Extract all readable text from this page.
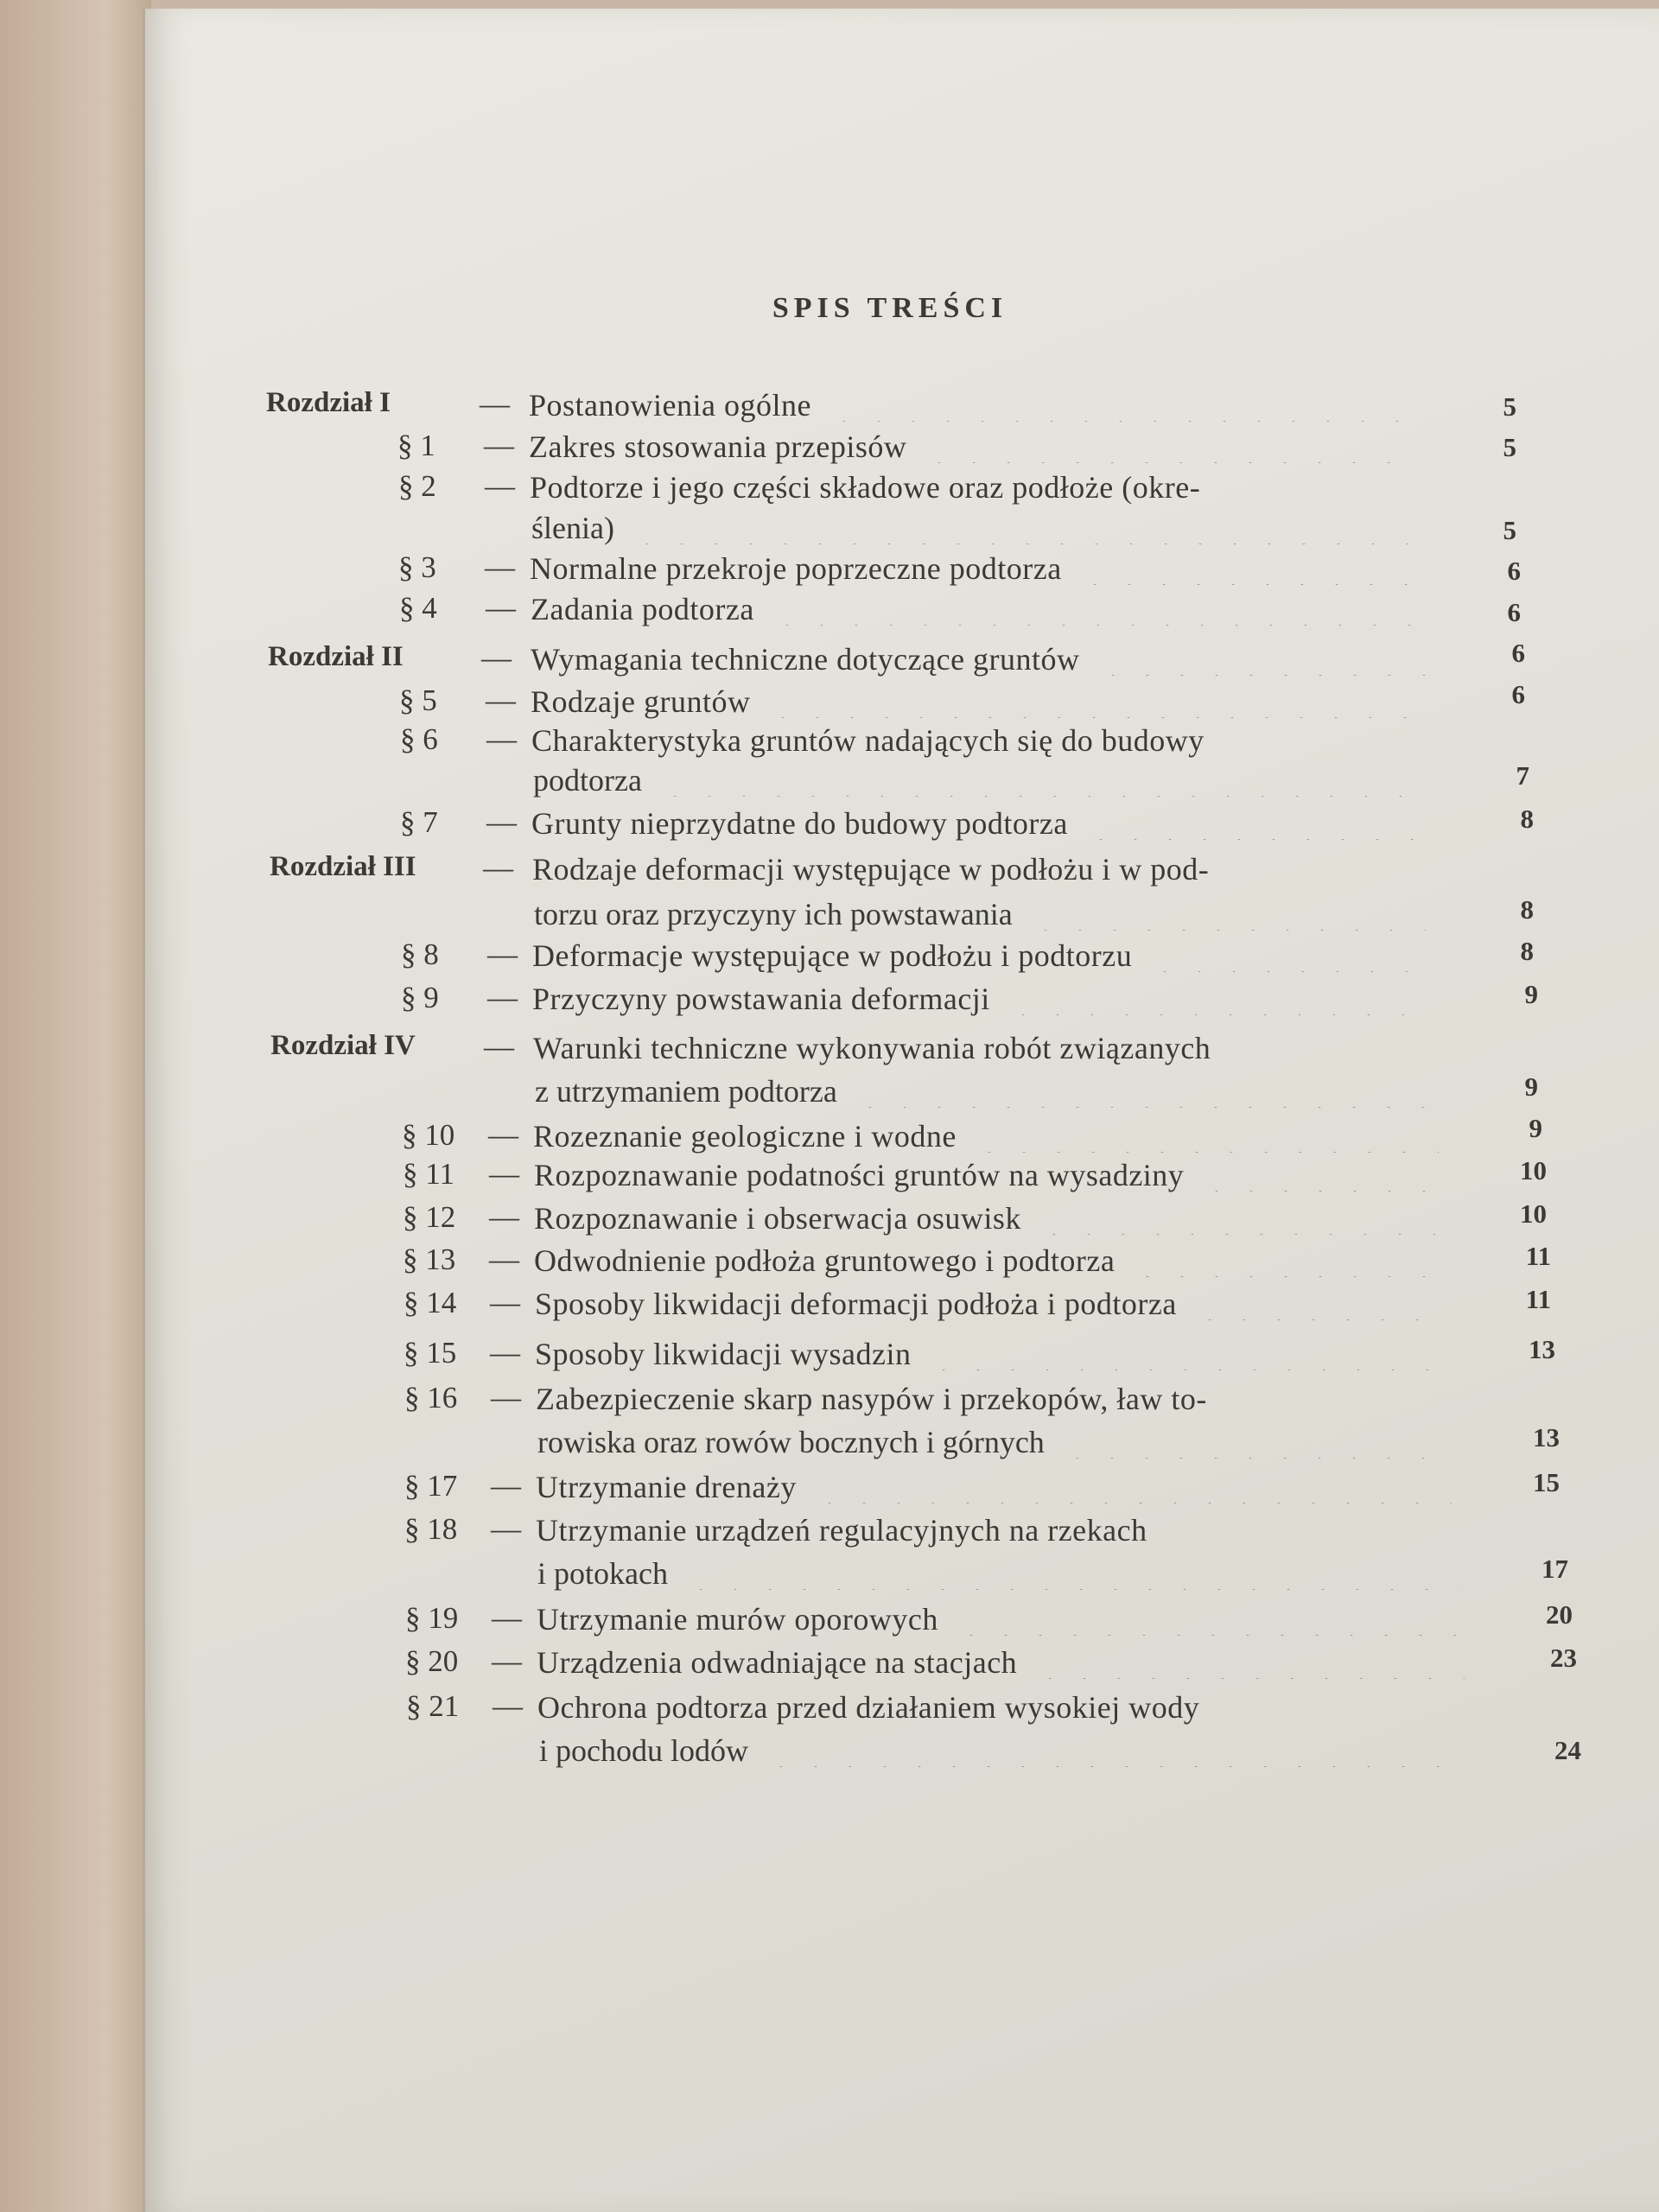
SPIS TREŚCI
Rozdział I	— Postanowienia ogólne	5
§ 1 — Zakres stosowania przepisów	5
§ 2 — Podtorze i jego części składowe oraz podłoże (okre-
ślenia)	5
§ 3 — Normalne przekroje poprzeczne podtorza	6
§ 4 — Zadania podtorza	6
Rozdział II	— Wymagania techniczne dotyczące gruntów	6
§ 5 — Rodzaje gruntów	6
§ 6 — Charakterystyka gruntów nadających się do budowy
podtorza	7
§ 7 — Grunty nieprzydatne do budowy podtorza	8
Rozdział III — Rodzaje deformacji występujące w podłożu i w pod-
torzu oraz przyczyny ich powstawania	8
§ 8 — Deformacje występujące w podłożu i podtorzu	8
§ 9 — Przyczyny powstawania deformacji	9
Rozdział IV — Warunki techniczne wykonywania robót związanych
z utrzymaniem podtorza	9
§ 10 — Rozeznanie geologiczne i wodne	9
§ 11 — Rozpoznawanie podatności gruntów na wysadziny	10
§ 12 — Rozpoznawanie i obserwacja osuwisk	10
§ 13 — Odwodnienie podłoża gruntowego i podtorza	11
§ 14 — Sposoby likwidacji deformacji podłoża i podtorza	11
§ 15 — Sposoby likwidacji wysadzin	13
§ 16 — Zabezpieczenie skarp nasypów i przekopów, ław to-
rowiska oraz rowów bocznych i górnych	13
§ 17 — Utrzymanie drenaży	15
§ 18 — Utrzymanie urządzeń regulacyjnych na rzekach
i potokach	17
§ 19 — Utrzymanie murów oporowych	20
§ 20 — Urządzenia odwadniające na stacjach	23
§ 21 — Ochrona podtorza przed działaniem wysokiej wody
i pochodu lodów	24
